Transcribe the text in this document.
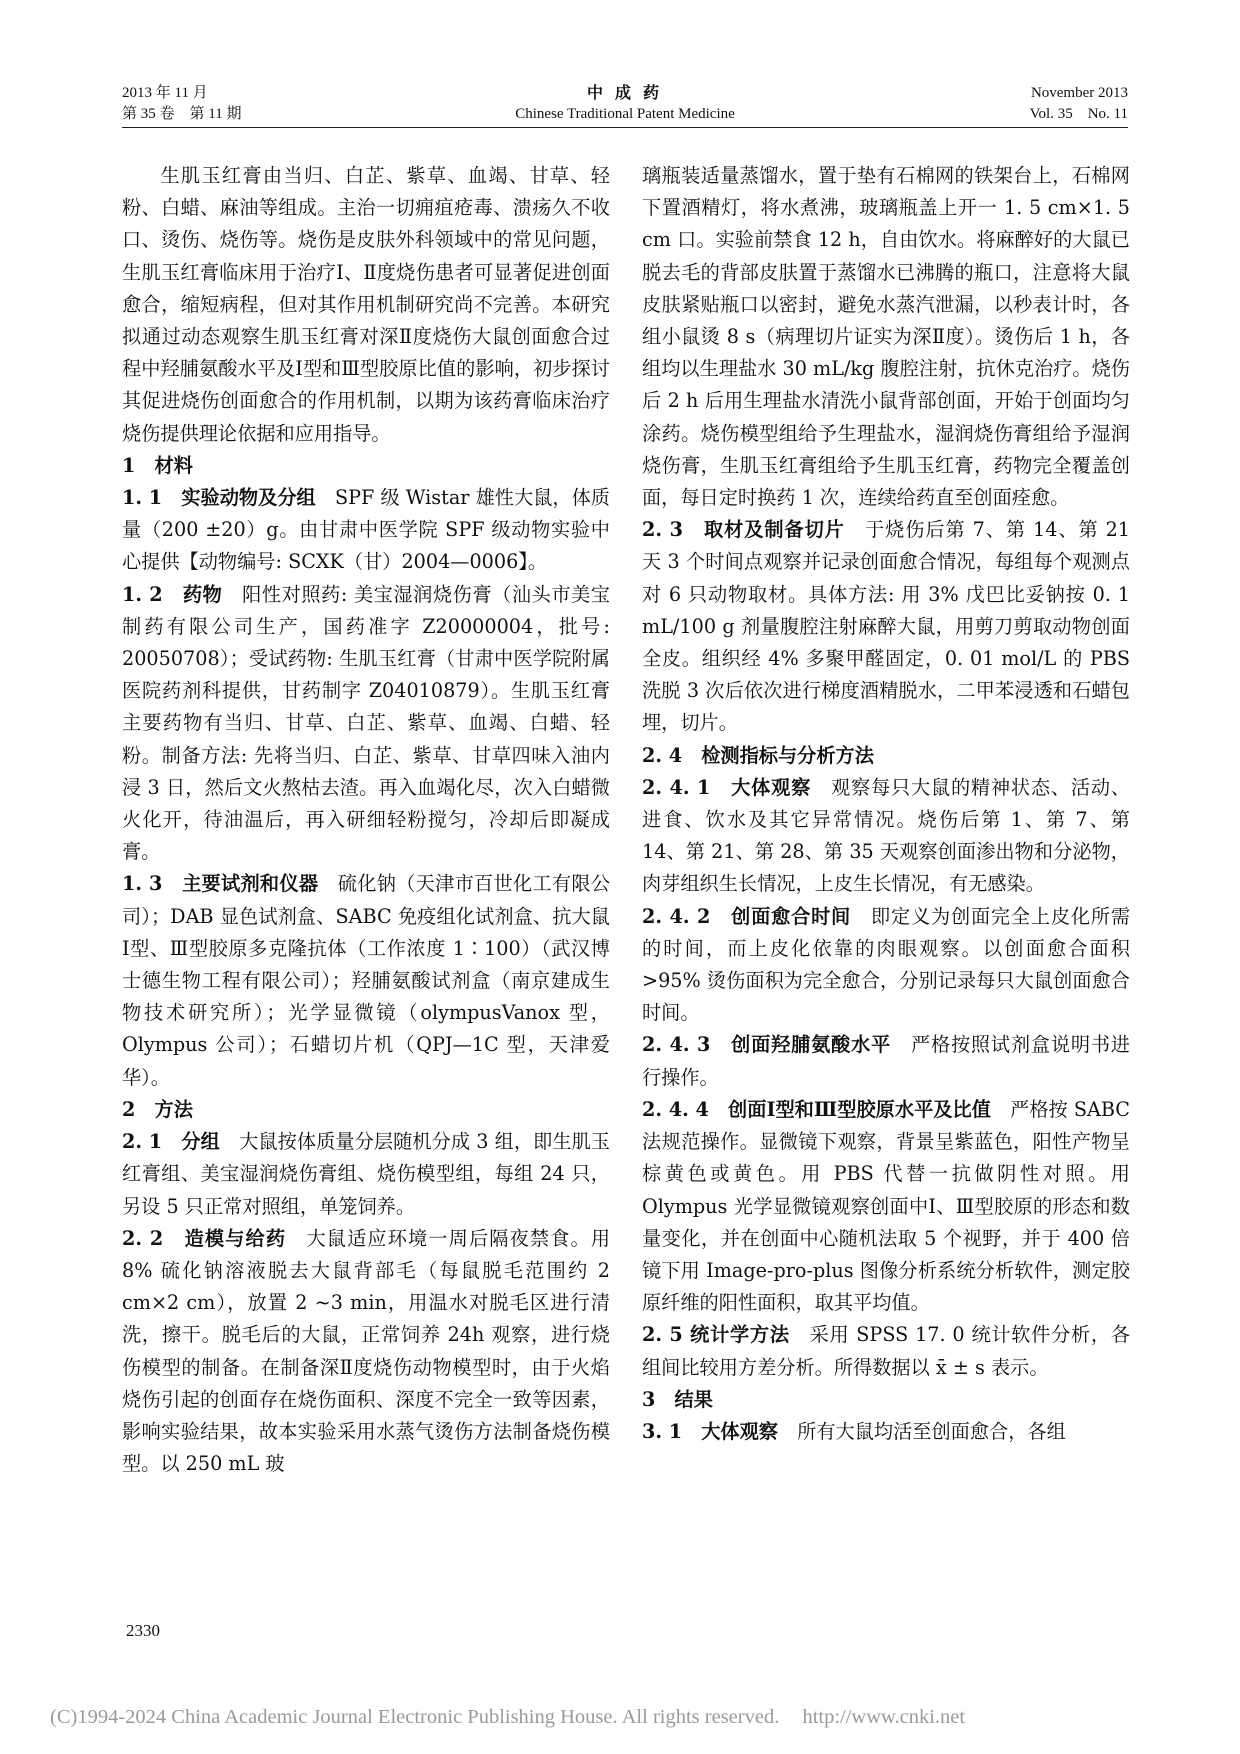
2013 年 11 月
第 35 卷　第 11 期
中 成 药
Chinese Traditional Patent Medicine
November 2013
Vol. 35　No. 11

生肌玉红膏由当归、白芷、紫草、血竭、甘草、轻粉、白蜡、麻油等组成。主治一切痈疽疮毒、溃疡久不收口、烫伤、烧伤等。烧伤是皮肤外科领域中的常见问题，生肌玉红膏临床用于治疗Ⅰ、Ⅱ度烧伤患者可显著促进创面愈合，缩短病程，但对其作用机制研究尚不完善。本研究拟通过动态观察生肌玉红膏对深Ⅱ度烧伤大鼠创面愈合过程中羟脯氨酸水平及Ⅰ型和Ⅲ型胶原比值的影响，初步探讨其促进烧伤创面愈合的作用机制，以期为该药膏临床治疗烧伤提供理论依据和应用指导。

1　材料

1. 1　实验动物及分组　SPF 级 Wistar 雄性大鼠，体质量（200 ±20）g。由甘肃中医学院 SPF 级动物实验中心提供【动物编号: SCXK（甘）2004—0006】。

1. 2　药物　阳性对照药: 美宝湿润烧伤膏（汕头市美宝制药有限公司生产，国药准字 Z20000004，批号: 20050708）；受试药物: 生肌玉红膏（甘肃中医学院附属医院药剂科提供，甘药制字 Z04010879）。生肌玉红膏主要药物有当归、甘草、白芷、紫草、血竭、白蜡、轻粉。制备方法: 先将当归、白芷、紫草、甘草四味入油内浸 3 日，然后文火熬枯去渣。再入血竭化尽，次入白蜡微火化开，待油温后，再入研细轻粉搅匀，冷却后即凝成膏。

1. 3　主要试剂和仪器　硫化钠（天津市百世化工有限公司）；DAB 显色试剂盒、SABC 免疫组化试剂盒、抗大鼠Ⅰ型、Ⅲ型胶原多克隆抗体（工作浓度 1∶100）（武汉博士德生物工程有限公司）；羟脯氨酸试剂盒（南京建成生物技术研究所）；光学显微镜（olympusVanox 型，Olympus 公司）；石蜡切片机（QPJ—1C 型，天津爱华）。

2　方法

2. 1　分组　大鼠按体质量分层随机分成 3 组，即生肌玉红膏组、美宝湿润烧伤膏组、烧伤模型组，每组 24 只，另设 5 只正常对照组，单笼饲养。

2. 2　造模与给药　大鼠适应环境一周后隔夜禁食。用 8% 硫化钠溶液脱去大鼠背部毛（每鼠脱毛范围约 2 cm×2 cm），放置 2 ~3 min，用温水对脱毛区进行清洗，擦干。脱毛后的大鼠，正常饲养 24h 观察，进行烧伤模型的制备。在制备深Ⅱ度烧伤动物模型时，由于火焰烧伤引起的创面存在烧伤面积、深度不完全一致等因素，影响实验结果，故本实验采用水蒸气烫伤方法制备烧伤模型。以 250 mL 玻

璃瓶装适量蒸馏水，置于垫有石棉网的铁架台上，石棉网下置酒精灯，将水煮沸，玻璃瓶盖上开一 1. 5 cm×1. 5 cm 口。实验前禁食 12 h，自由饮水。将麻醉好的大鼠已脱去毛的背部皮肤置于蒸馏水已沸腾的瓶口，注意将大鼠皮肤紧贴瓶口以密封，避免水蒸汽泄漏，以秒表计时，各组小鼠烫 8 s（病理切片证实为深Ⅱ度）。烫伤后 1 h，各组均以生理盐水 30 mL/kg 腹腔注射，抗休克治疗。烧伤后 2 h 后用生理盐水清洗小鼠背部创面，开始于创面均匀涂药。烧伤模型组给予生理盐水，湿润烧伤膏组给予湿润烧伤膏，生肌玉红膏组给予生肌玉红膏，药物完全覆盖创面，每日定时换药 1 次，连续给药直至创面痊愈。

2. 3　取材及制备切片　于烧伤后第 7、第 14、第 21 天 3 个时间点观察并记录创面愈合情况，每组每个观测点对 6 只动物取材。具体方法: 用 3% 戊巴比妥钠按 0. 1 mL/100 g 剂量腹腔注射麻醉大鼠，用剪刀剪取动物创面全皮。组织经 4% 多聚甲醛固定，0. 01 mol/L 的 PBS 洗脱 3 次后依次进行梯度酒精脱水，二甲苯浸透和石蜡包埋，切片。

2. 4　检测指标与分析方法

2. 4. 1　大体观察　观察每只大鼠的精神状态、活动、进食、饮水及其它异常情况。烧伤后第 1、第 7、第 14、第 21、第 28、第 35 天观察创面渗出物和分泌物，肉芽组织生长情况，上皮生长情况，有无感染。

2. 4. 2　创面愈合时间　即定义为创面完全上皮化所需的时间，而上皮化依靠的肉眼观察。以创面愈合面积 >95% 烫伤面积为完全愈合，分别记录每只大鼠创面愈合时间。

2. 4. 3　创面羟脯氨酸水平　严格按照试剂盒说明书进行操作。

2. 4. 4　创面Ⅰ型和Ⅲ型胶原水平及比值　严格按 SABC 法规范操作。显微镜下观察，背景呈紫蓝色，阳性产物呈棕黄色或黄色。用 PBS 代替一抗做阴性对照。用 Olympus 光学显微镜观察创面中Ⅰ、Ⅲ型胶原的形态和数量变化，并在创面中心随机法取 5 个视野，并于 400 倍镜下用 Image-pro-plus 图像分析系统分析软件，测定胶原纤维的阳性面积，取其平均值。

2. 5 统计学方法　采用 SPSS 17. 0 统计软件分析，各组间比较用方差分析。所得数据以 x̄ ± s 表示。

3　结果

3. 1　大体观察　所有大鼠均活至创面愈合，各组

2330
(C)1994-2024 China Academic Journal Electronic Publishing House. All rights reserved. http://www.cnki.net
